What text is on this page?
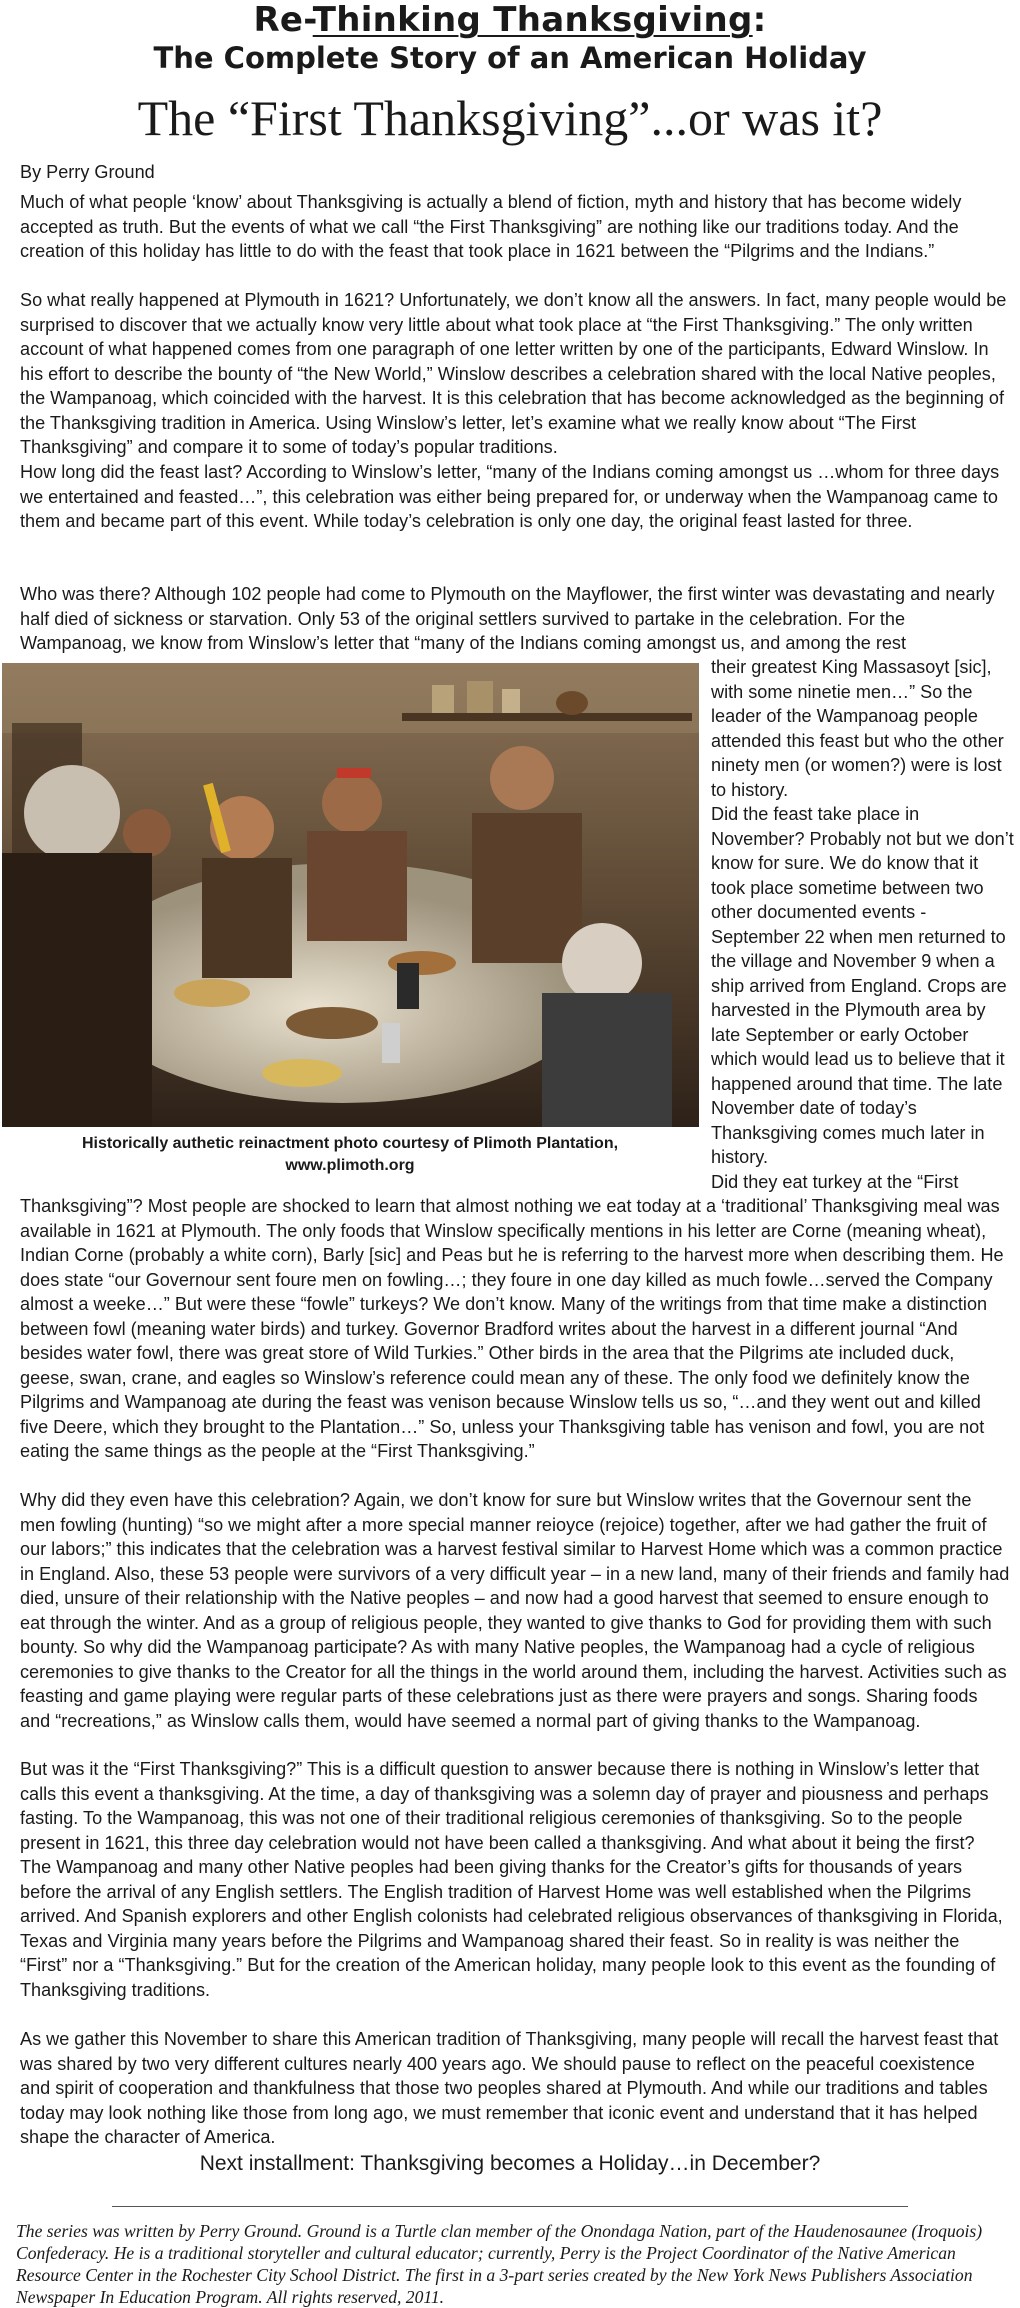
Re-Thinking Thanksgiving:
The Complete Story of an American Holiday
The “First Thanksgiving”...or was it?
By Perry Ground

Much of what people ‘know’ about Thanksgiving is actually a blend of fiction, myth and history that has become widely accepted as truth. But the events of what we call “the First Thanksgiving” are nothing like our traditions today. And the creation of this holiday has little to do with the feast that took place in 1621 between the “Pilgrims and the Indians.”

So what really happened at Plymouth in 1621? Unfortunately, we don’t know all the answers. In fact, many people would be surprised to discover that we actually know very little about what took place at “the First Thanksgiving.” The only written account of what happened comes from one paragraph of one letter written by one of the participants, Edward Winslow. In his effort to describe the bounty of “the New World,” Winslow describes a celebration shared with the local Native peoples, the Wampanoag, which coincided with the harvest. It is this celebration that has become acknowledged as the beginning of the Thanksgiving tradition in America. Using Winslow’s letter, let’s examine what we really know about “The First Thanksgiving” and compare it to some of today’s popular traditions.

How long did the feast last? According to Winslow’s letter, “many of the Indians coming amongst us …whom for three days we entertained and feasted…”, this celebration was either being prepared for, or underway when the Wampanoag came to them and became part of this event. While today’s celebration is only one day, the original feast lasted for three.

Who was there? Although 102 people had come to Plymouth on the Mayflower, the first winter was devastating and nearly half died of sickness or starvation. Only 53 of the original settlers survived to partake in the celebration. For the Wampanoag, we know from Winslow’s letter that “many of the Indians coming amongst us, and among the rest

Historically authetic reinactment photo courtesy of Plimoth Plantation,
www.plimoth.org

their greatest King Massasoyt [sic], with some ninetie men…” So the leader of the Wampanoag people attended this feast but who the other ninety men (or women?) were is lost to history.

Did the feast take place in November? Probably not but we don’t know for sure. We do know that it took place sometime between two other documented events - September 22 when men returned to the village and November 9 when a ship arrived from England. Crops are harvested in the Plymouth area by late September or early October which would lead us to believe that it happened around that time. The late November date of today’s Thanksgiving comes much later in history.

Did they eat turkey at the “First

Thanksgiving”? Most people are shocked to learn that almost nothing we eat today at a ‘traditional’ Thanksgiving meal was available in 1621 at Plymouth. The only foods that Winslow specifically mentions in his letter are Corne (meaning wheat), Indian Corne (probably a white corn), Barly [sic] and Peas but he is referring to the harvest more when describing them. He does state “our Governour sent foure men on fowling…; they foure in one day killed as much fowle…served the Company almost a weeke…” But were these “fowle” turkeys? We don’t know. Many of the writings from that time make a distinction between fowl (meaning water birds) and turkey. Governor Bradford writes about the harvest in a different journal “And besides water fowl, there was great store of Wild Turkies.” Other birds in the area that the Pilgrims ate included duck, geese, swan, crane, and eagles so Winslow’s reference could mean any of these. The only food we definitely know the Pilgrims and Wampanoag ate during the feast was venison because Winslow tells us so, “…and they went out and killed five Deere, which they brought to the Plantation…” So, unless your Thanksgiving table has venison and fowl, you are not eating the same things as the people at the “First Thanksgiving.”

Why did they even have this celebration? Again, we don’t know for sure but Winslow writes that the Governour sent the men fowling (hunting) “so we might after a more special manner reioyce (rejoice) together, after we had gather the fruit of our labors;” this indicates that the celebration was a harvest festival similar to Harvest Home which was a common practice in England. Also, these 53 people were survivors of a very difficult year – in a new land, many of their friends and family had died, unsure of their relationship with the Native peoples – and now had a good harvest that seemed to ensure enough to eat through the winter. And as a group of religious people, they wanted to give thanks to God for providing them with such bounty. So why did the Wampanoag participate? As with many Native peoples, the Wampanoag had a cycle of religious ceremonies to give thanks to the Creator for all the things in the world around them, including the harvest. Activities such as feasting and game playing were regular parts of these celebrations just as there were prayers and songs. Sharing foods and “recreations,” as Winslow calls them, would have seemed a normal part of giving thanks to the Wampanoag.

But was it the “First Thanksgiving?” This is a difficult question to answer because there is nothing in Winslow’s letter that calls this event a thanksgiving. At the time, a day of thanksgiving was a solemn day of prayer and piousness and perhaps fasting. To the Wampanoag, this was not one of their traditional religious ceremonies of thanksgiving. So to the people present in 1621, this three day celebration would not have been called a thanksgiving. And what about it being the first? The Wampanoag and many other Native peoples had been giving thanks for the Creator’s gifts for thousands of years before the arrival of any English settlers. The English tradition of Harvest Home was well established when the Pilgrims arrived. And Spanish explorers and other English colonists had celebrated religious observances of thanksgiving in Florida, Texas and Virginia many years before the Pilgrims and Wampanoag shared their feast. So in reality is was neither the “First” nor a “Thanksgiving.” But for the creation of the American holiday, many people look to this event as the founding of Thanksgiving traditions.

As we gather this November to share this American tradition of Thanksgiving, many people will recall the harvest feast that was shared by two very different cultures nearly 400 years ago. We should pause to reflect on the peaceful coexistence and spirit of cooperation and thankfulness that those two peoples shared at Plymouth. And while our traditions and tables today may look nothing like those from long ago, we must remember that iconic event and understand that it has helped shape the character of America.

Next installment: Thanksgiving becomes a Holiday…in December?

The series was written by Perry Ground. Ground is a Turtle clan member of the Onondaga Nation, part of the Haudenosaunee (Iroquois) Confederacy. He is a traditional storyteller and cultural educator; currently, Perry is the Project Coordinator of the Native American Resource Center in the Rochester City School District. The first in a 3-part series created by the New York News Publishers Association Newspaper In Education Program. All rights reserved, 2011.
